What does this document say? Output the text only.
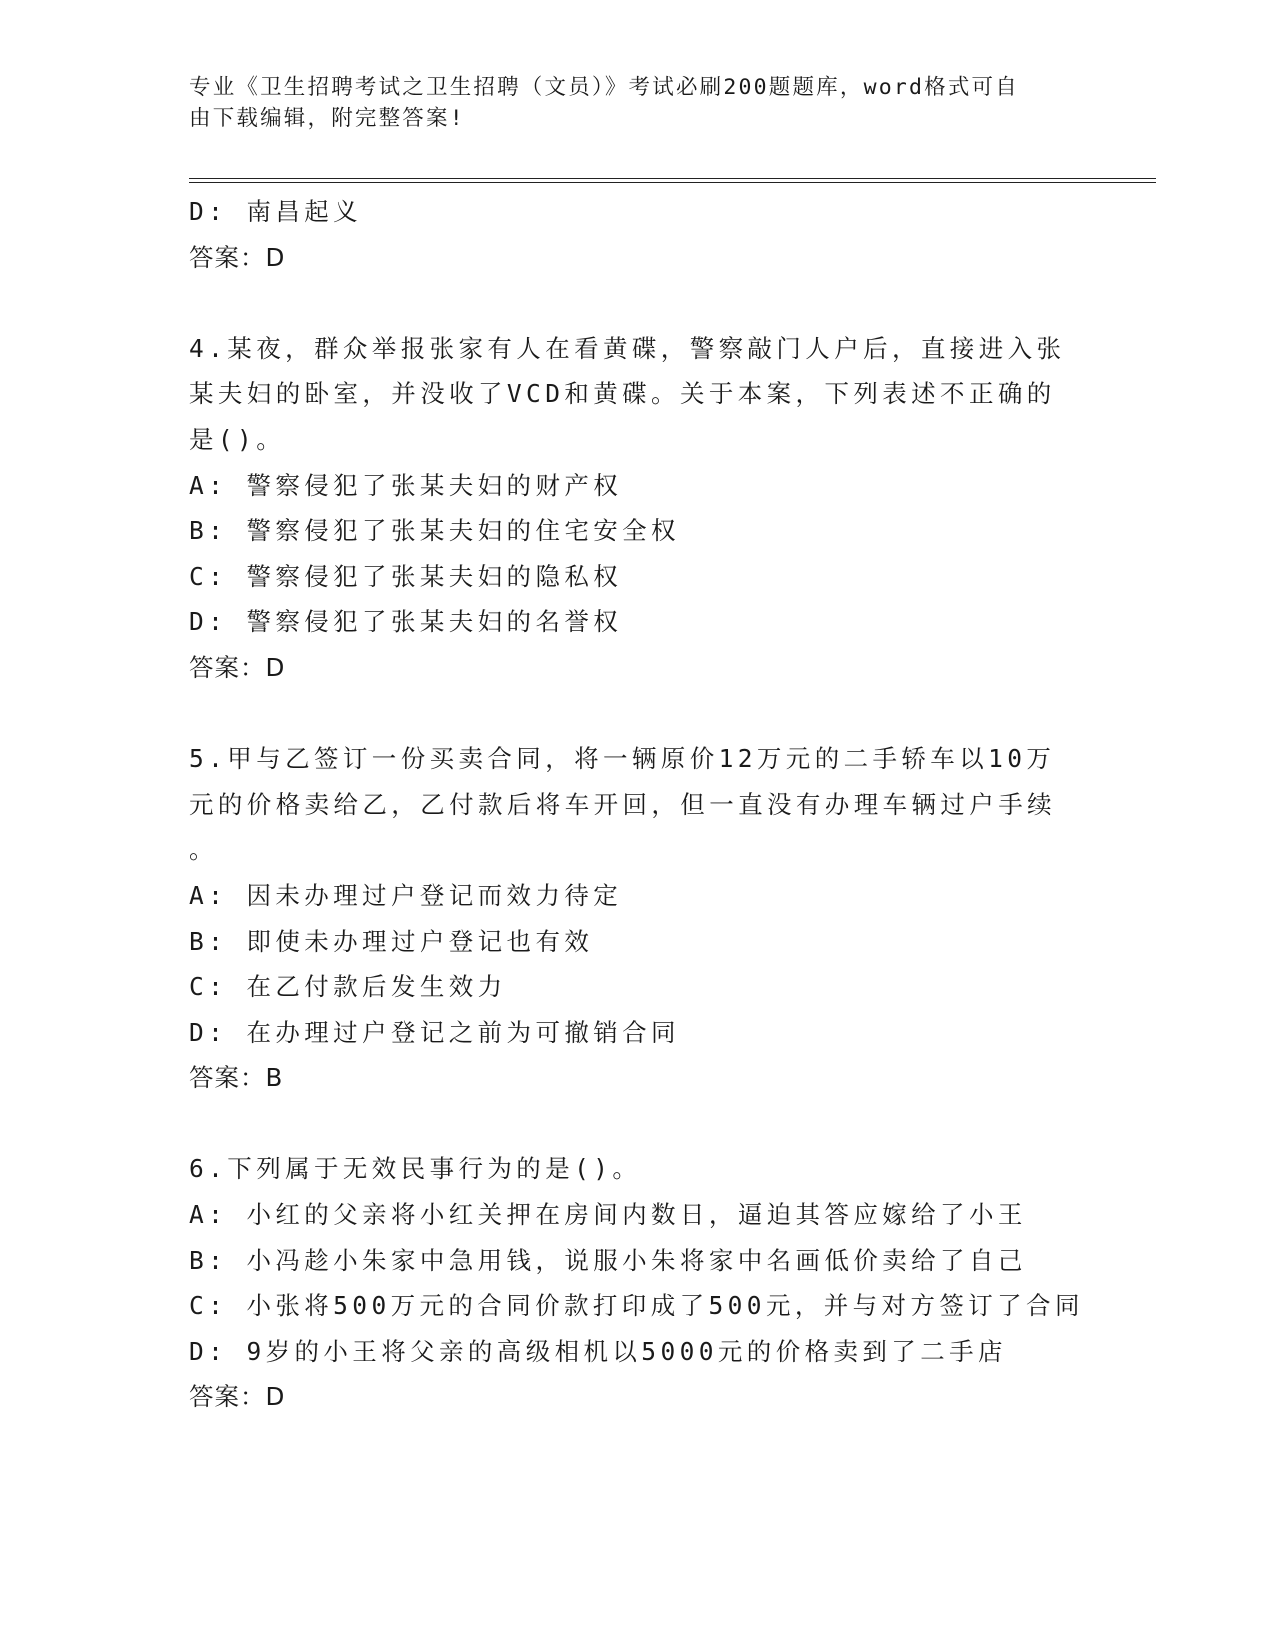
专业《卫生招聘考试之卫生招聘（文员）》考试必刷200题题库，word格式可自
由下载编辑，附完整答案!
D: 南昌起义
答案：D
4.某夜，群众举报张家有人在看黄碟，警察敲门人户后，直接进入张
某夫妇的卧室，并没收了VCD和黄碟。关于本案，下列表述不正确的
是()。
A: 警察侵犯了张某夫妇的财产权
B: 警察侵犯了张某夫妇的住宅安全权
C: 警察侵犯了张某夫妇的隐私权
D: 警察侵犯了张某夫妇的名誉权
答案：D
5.甲与乙签订一份买卖合同，将一辆原价12万元的二手轿车以10万
元的价格卖给乙，乙付款后将车开回，但一直没有办理车辆过户手续
。
A: 因未办理过户登记而效力待定
B: 即使未办理过户登记也有效
C: 在乙付款后发生效力
D: 在办理过户登记之前为可撤销合同
答案：B
6.下列属于无效民事行为的是()。
A: 小红的父亲将小红关押在房间内数日，逼迫其答应嫁给了小王
B: 小冯趁小朱家中急用钱，说服小朱将家中名画低价卖给了自己
C: 小张将500万元的合同价款打印成了500元，并与对方签订了合同
D: 9岁的小王将父亲的高级相机以5000元的价格卖到了二手店
答案：D
